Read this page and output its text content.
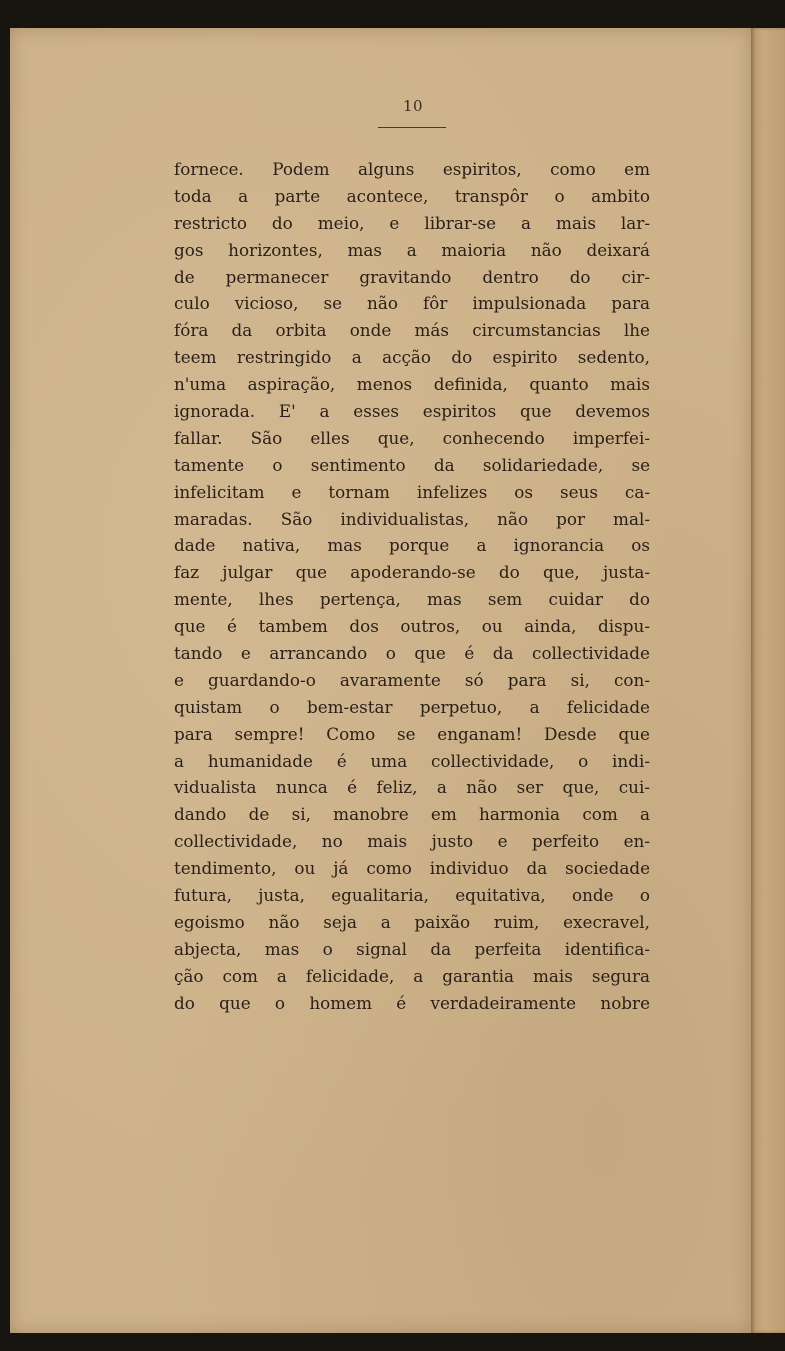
10
fornece. Podem alguns espiritos, como em
toda a parte acontece, transpôr o ambito
restricto do meio, e librar-se a mais lar-
gos horizontes, mas a maioria não deixará
de permanecer gravitando dentro do cir-
culo vicioso, se não fôr impulsionada para
fóra da orbita onde más circumstancias lhe
teem restringido a acção do espirito sedento,
n'uma aspiração, menos definida, quanto mais
ignorada. E' a esses espiritos que devemos
fallar. São elles que, conhecendo imperfei-
tamente o sentimento da solidariedade, se
infelicitam e tornam infelizes os seus ca-
maradas. São individualistas, não por mal-
dade nativa, mas porque a ignorancia os
faz julgar que apoderando-se do que, justa-
mente, lhes pertença, mas sem cuidar do
que é tambem dos outros, ou ainda, dispu-
tando e arrancando o que é da collectividade
e guardando-o avaramente só para si, con-
quistam o bem-estar perpetuo, a felicidade
para sempre! Como se enganam! Desde que
a humanidade é uma collectividade, o indi-
vidualista nunca é feliz, a não ser que, cui-
dando de si, manobre em harmonia com a
collectividade, no mais justo e perfeito en-
tendimento, ou já como individuo da sociedade
futura, justa, egualitaria, equitativa, onde o
egoismo não seja a paixão ruim, execravel,
abjecta, mas o signal da perfeita identifica-
ção com a felicidade, a garantia mais segura
do que o homem é verdadeiramente nobre
